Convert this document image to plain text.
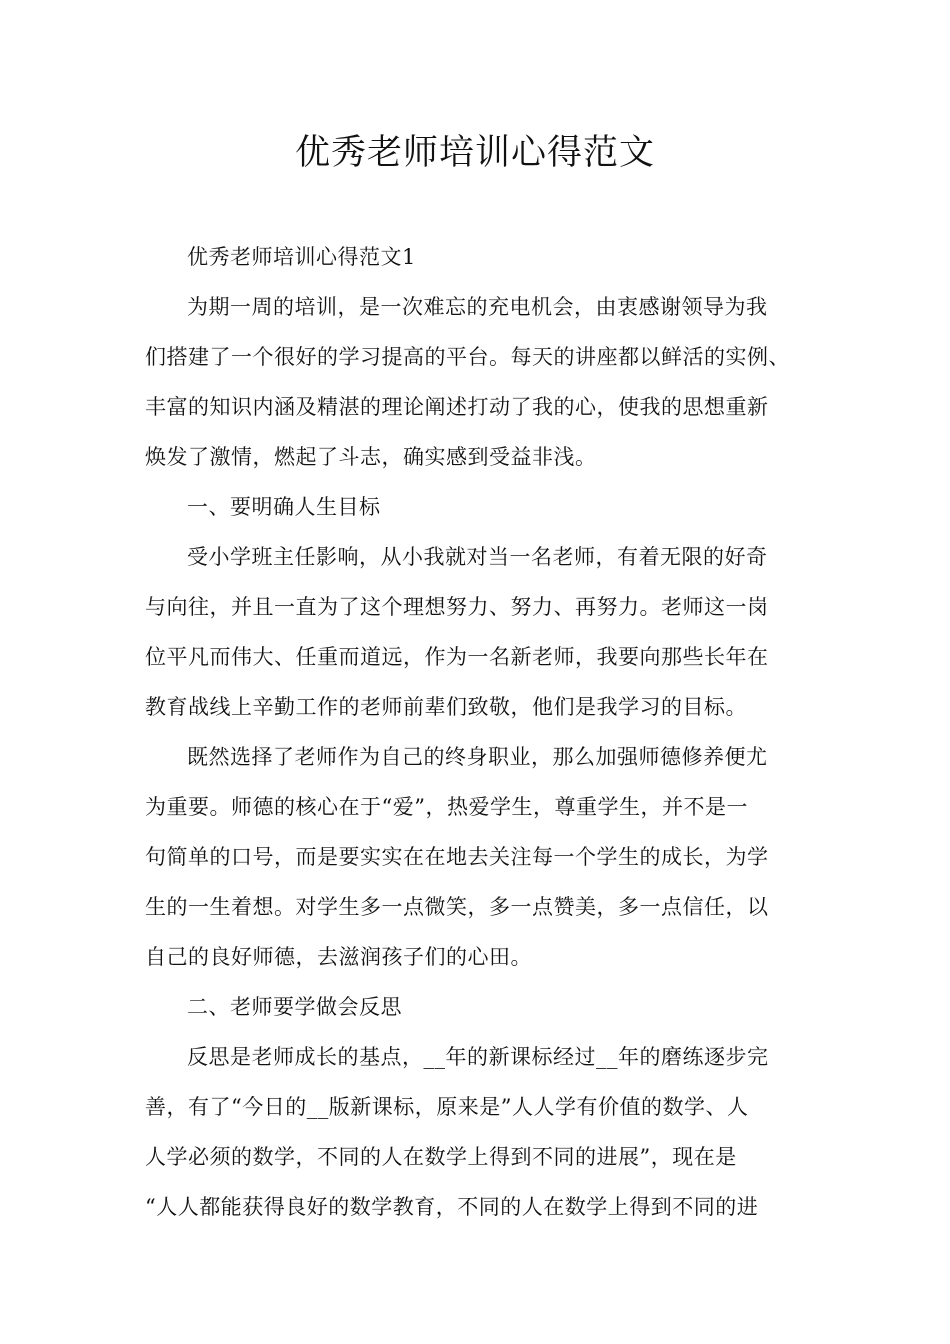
优秀老师培训心得范文

优秀老师培训心得范文1

为期一周的培训，是一次难忘的充电机会，由衷感谢领导为我
们搭建了一个很好的学习提高的平台。每天的讲座都以鲜活的实例、
丰富的知识内涵及精湛的理论阐述打动了我的心，使我的思想重新
焕发了激情，燃起了斗志，确实感到受益非浅。

一、要明确人生目标

受小学班主任影响，从小我就对当一名老师，有着无限的好奇
与向往，并且一直为了这个理想努力、努力、再努力。老师这一岗
位平凡而伟大、任重而道远，作为一名新老师，我要向那些长年在
教育战线上辛勤工作的老师前辈们致敬，他们是我学习的目标。

既然选择了老师作为自己的终身职业，那么加强师德修养便尤
为重要。师德的核心在于“爱”，热爱学生，尊重学生，并不是一
句简单的口号，而是要实实在在地去关注每一个学生的成长，为学
生的一生着想。对学生多一点微笑，多一点赞美，多一点信任，以
自己的良好师德，去滋润孩子们的心田。

二、老师要学做会反思

反思是老师成长的基点，__年的新课标经过__年的磨练逐步完
善，有了“今日的__版新课标，原来是”人人学有价值的数学、人
人学必须的数学，不同的人在数学上得到不同的进展”，现在是
“人人都能获得良好的数学教育，不同的人在数学上得到不同的进
